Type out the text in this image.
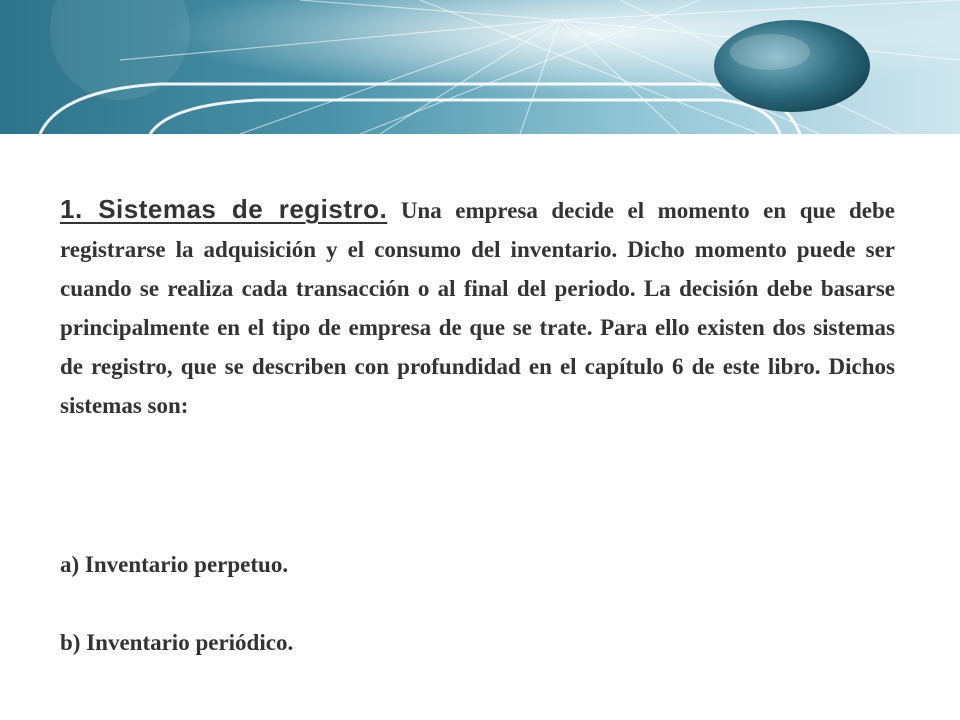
1. Sistemas de registro. Una empresa decide el momento en que debe registrarse la adquisición y el consumo del inventario. Dicho momento puede ser cuando se realiza cada transacción o al final del periodo. La decisión debe basarse principalmente en el tipo de empresa de que se trate. Para ello existen dos sistemas de registro, que se describen con profundidad en el capítulo 6 de este libro. Dichos sistemas son:

a) Inventario perpetuo.

b) Inventario periódico.
